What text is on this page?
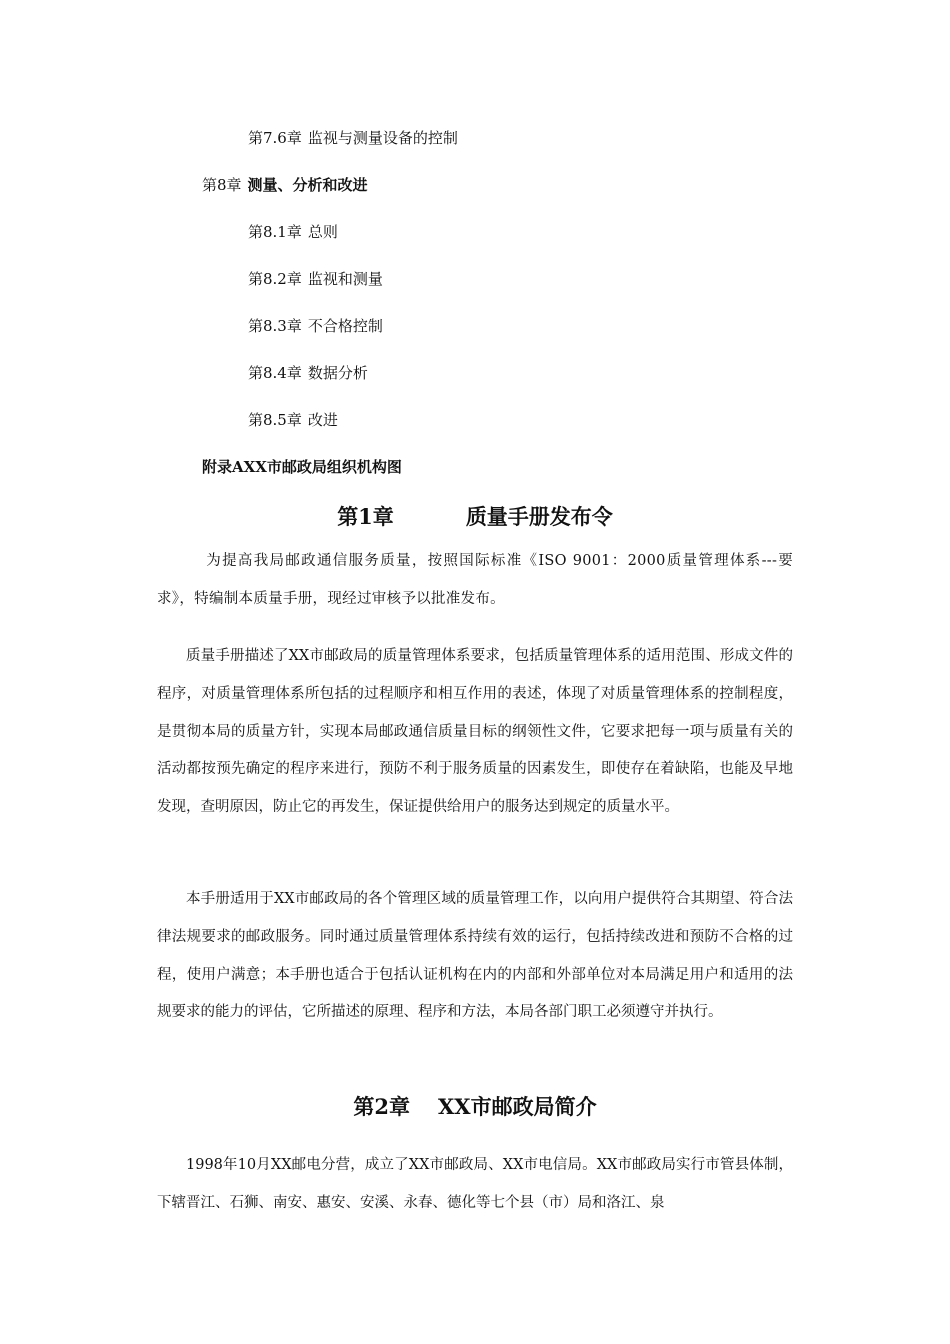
第7.6章 监视与测量设备的控制
第8章 测量、分析和改进
第8.1章 总则
第8.2章 监视和测量
第8.3章 不合格控制
第8.4章 数据分析
第8.5章 改进
附录AXX市邮政局组织机构图
第1章	质量手册发布令

为提高我局邮政通信服务质量，按照国际标准《ISO 9001：2000质量管理体系---要求》，特编制本质量手册，现经过审核予以批准发布。

质量手册描述了XX市邮政局的质量管理体系要求，包括质量管理体系的适用范围、形成文件的程序，对质量管理体系所包括的过程顺序和相互作用的表述，体现了对质量管理体系的控制程度，是贯彻本局的质量方针，实现本局邮政通信质量目标的纲领性文件，它要求把每一项与质量有关的活动都按预先确定的程序来进行，预防不利于服务质量的因素发生，即使存在着缺陷，也能及早地发现，查明原因，防止它的再发生，保证提供给用户的服务达到规定的质量水平。

本手册适用于XX市邮政局的各个管理区域的质量管理工作，以向用户提供符合其期望、符合法律法规要求的邮政服务。同时通过质量管理体系持续有效的运行，包括持续改进和预防不合格的过程，使用户满意；本手册也适合于包括认证机构在内的内部和外部单位对本局满足用户和适用的法规要求的能力的评估，它所描述的原理、程序和方法，本局各部门职工必须遵守并执行。

第2章 XX市邮政局简介

1998年10月XX邮电分营，成立了XX市邮政局、XX市电信局。XX市邮政局实行市管县体制，下辖晋江、石狮、南安、惠安、安溪、永春、德化等七个县（市）局和洛江、泉
